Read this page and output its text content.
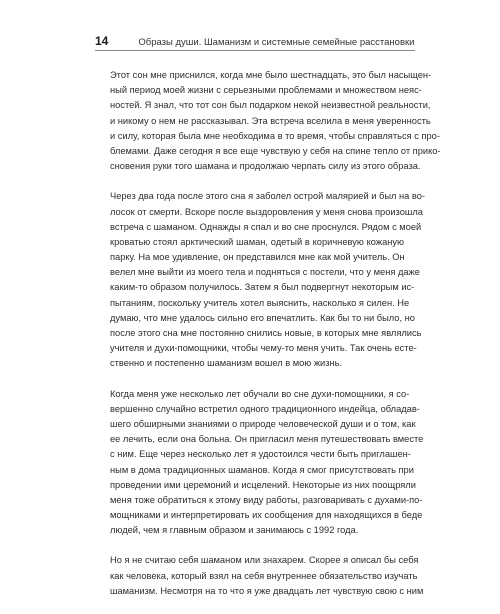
14	Образы души. Шаманизм и системные семейные расстановки
Этот сон мне приснился, когда мне было шестнадцать, это был насыщен-
ный период моей жизни с серьезными проблемами и множеством неяс-
ностей. Я знал, что тот сон был подарком некой неизвестной реальности,
и никому о нем не рассказывал. Эта встреча вселила в меня уверенность
и силу, которая была мне необходима в то время, чтобы справляться с про-
блемами. Даже сегодня я все еще чувствую у себя на спине тепло от прико-
сновения руки того шамана и продолжаю черпать силу из этого образа.
Через два года после этого сна я заболел острой малярией и был на во-
лосок от смерти. Вскоре после выздоровления у меня снова произошла
встреча с шаманом. Однажды я спал и во сне проснулся. Рядом с моей
кроватью стоял арктический шаман, одетый в коричневую кожаную
парку. На мое удивление, он представился мне как мой учитель. Он
велел мне выйти из моего тела и подняться с постели, что у меня даже
каким-то образом получилось. Затем я был подвергнут некоторым ис-
пытаниям, поскольку учитель хотел выяснить, насколько я силен. Не
думаю, что мне удалось сильно его впечатлить. Как бы то ни было, но
после этого сна мне постоянно снились новые, в которых мне являлись
учителя и духи-помощники, чтобы чему-то меня учить. Так очень есте-
ственно и постепенно шаманизм вошел в мою жизнь.
Когда меня уже несколько лет обучали во сне духи-помощники, я со-
вершенно случайно встретил одного традиционного индейца, обладав-
шего обширными знаниями о природе человеческой души и о том, как
ее лечить, если она больна. Он пригласил меня путешествовать вместе
с ним. Еще через несколько лет я удостоился чести быть приглашен-
ным в дома традиционных шаманов. Когда я смог присутствовать при
проведении ими церемоний и исцелений. Некоторые из них поощряли
меня тоже обратиться к этому виду работы, разговаривать с духами-по-
мощниками и интерпретировать их сообщения для находящихся в беде
людей, чем я главным образом и занимаюсь с 1992 года.
Но я не считаю себя шаманом или знахарем. Скорее я описал бы себя
как человека, который взял на себя внутреннее обязательство изучать
шаманизм. Несмотря на то что я уже двадцать лет чувствую свою с ним
